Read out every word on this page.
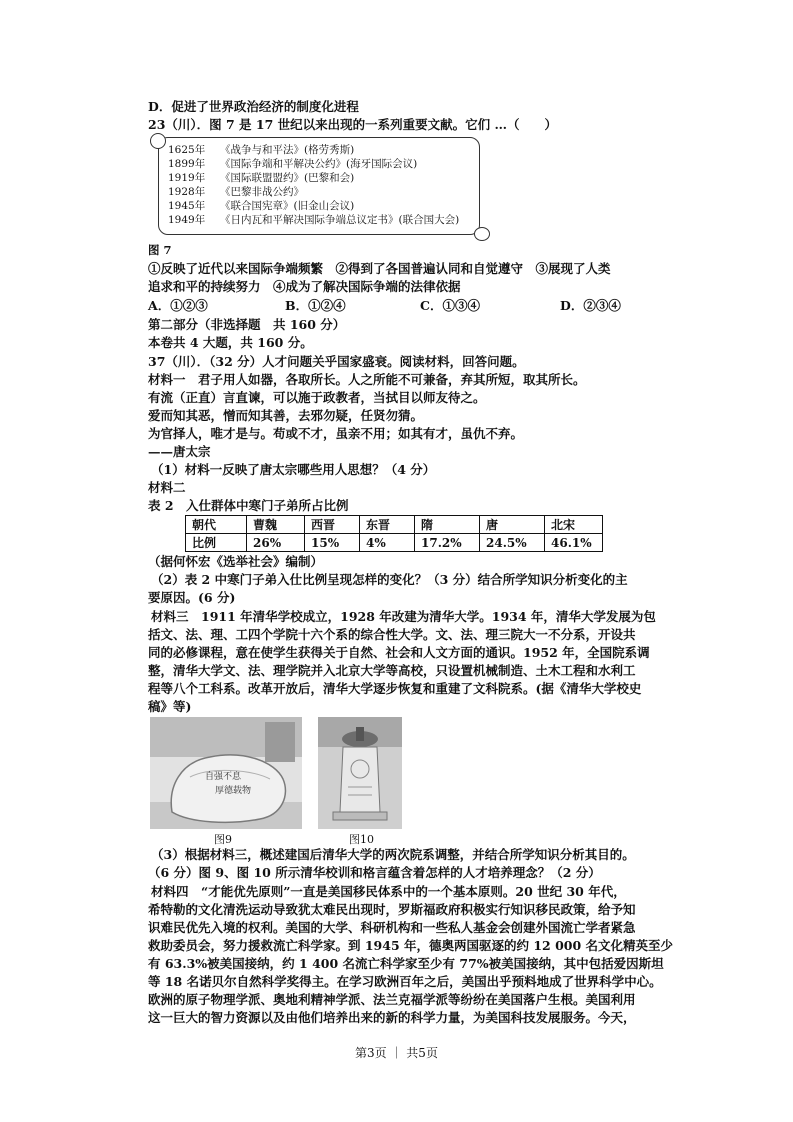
D．促进了世界政治经济的制度化进程
23（川）．图 7 是 17 世纪以来出现的一系列重要文献。它们 …（　　）
1625年 《战争与和平法》(格劳秀斯)
1899年 《国际争端和平解决公约》(海牙国际会议)
1919年 《国际联盟盟约》(巴黎和会)
1928年 《巴黎非战公约》
1945年 《联合国宪章》(旧金山会议)
1949年 《日内瓦和平解决国际争端总议定书》(联合国大会)
图 7
①反映了近代以来国际争端频繁　②得到了各国普遍认同和自觉遵守　③展现了人类
追求和平的持续努力　④成为了解决国际争端的法律依据
A．①②③	B．①②④	C．①③④	D．②③④
第二部分（非选择题　共 160 分）
本卷共 4 大题，共 160 分。
37（川）．（32 分）人才问题关乎国家盛衰。阅读材料，回答问题。
材料一　君子用人如器，各取所长。人之所能不可兼备，弃其所短，取其所长。
有流（正直）言直谏，可以施于政教者，当拭目以师友待之。
爱而知其恶，憎而知其善，去邪勿疑，任贤勿猜。
为官择人，唯才是与。苟或不才，虽亲不用；如其有才，虽仇不弃。
——唐太宗
（1）材料一反映了唐太宗哪些用人思想？（4 分）
材料二
表 2　入仕群体中寒门子弟所占比例
朝代	曹魏	西晋	东晋	隋	唐	北宋
比例	26%	15%	4%	17.2%	24.5%	46.1%
（据何怀宏《选举社会》编制）
（2）表 2 中寒门子弟入仕比例呈现怎样的变化？（3 分）结合所学知识分析变化的主
要原因。(6 分)
材料三　1911 年清华学校成立，1928 年改建为清华大学。1934 年，清华大学发展为包
括文、法、理、工四个学院十六个系的综合性大学。文、法、理三院大一不分系，开设共
同的必修课程，意在使学生获得关于自然、社会和人文方面的通识。1952 年，全国院系调
整，清华大学文、法、理学院并入北京大学等高校，只设置机械制造、土木工程和水利工
程等八个工科系。改革开放后，清华大学逐步恢复和重建了文科院系。(据《清华大学校史
稿》等)
自强不息
厚德载物
图9	图10
（3）根据材料三，概述建国后清华大学的两次院系调整，并结合所学知识分析其目的。
（6 分）图 9、图 10 所示清华校训和格言蕴含着怎样的人才培养理念？（2 分）
材料四　“才能优先原则”一直是美国移民体系中的一个基本原则。20 世纪 30 年代，
希特勒的文化清洗运动导致犹太难民出现时，罗斯福政府积极实行知识移民政策，给予知
识难民优先入境的权利。美国的大学、科研机构和一些私人基金会创建外国流亡学者紧急
救助委员会，努力援救流亡科学家。到 1945 年，德奥两国驱逐的约 12 000 名文化精英至少
有 63.3%被美国接纳，约 1 400 名流亡科学家至少有 77%被美国接纳，其中包括爱因斯坦
等 18 名诺贝尔自然科学奖得主。在学习欧洲百年之后，美国出乎预料地成了世界科学中心。
欧洲的原子物理学派、奥地利精神学派、法兰克福学派等纷纷在美国落户生根。美国利用
这一巨大的智力资源以及由他们培养出来的新的科学力量，为美国科技发展服务。今天，
第3页 ｜ 共5页
